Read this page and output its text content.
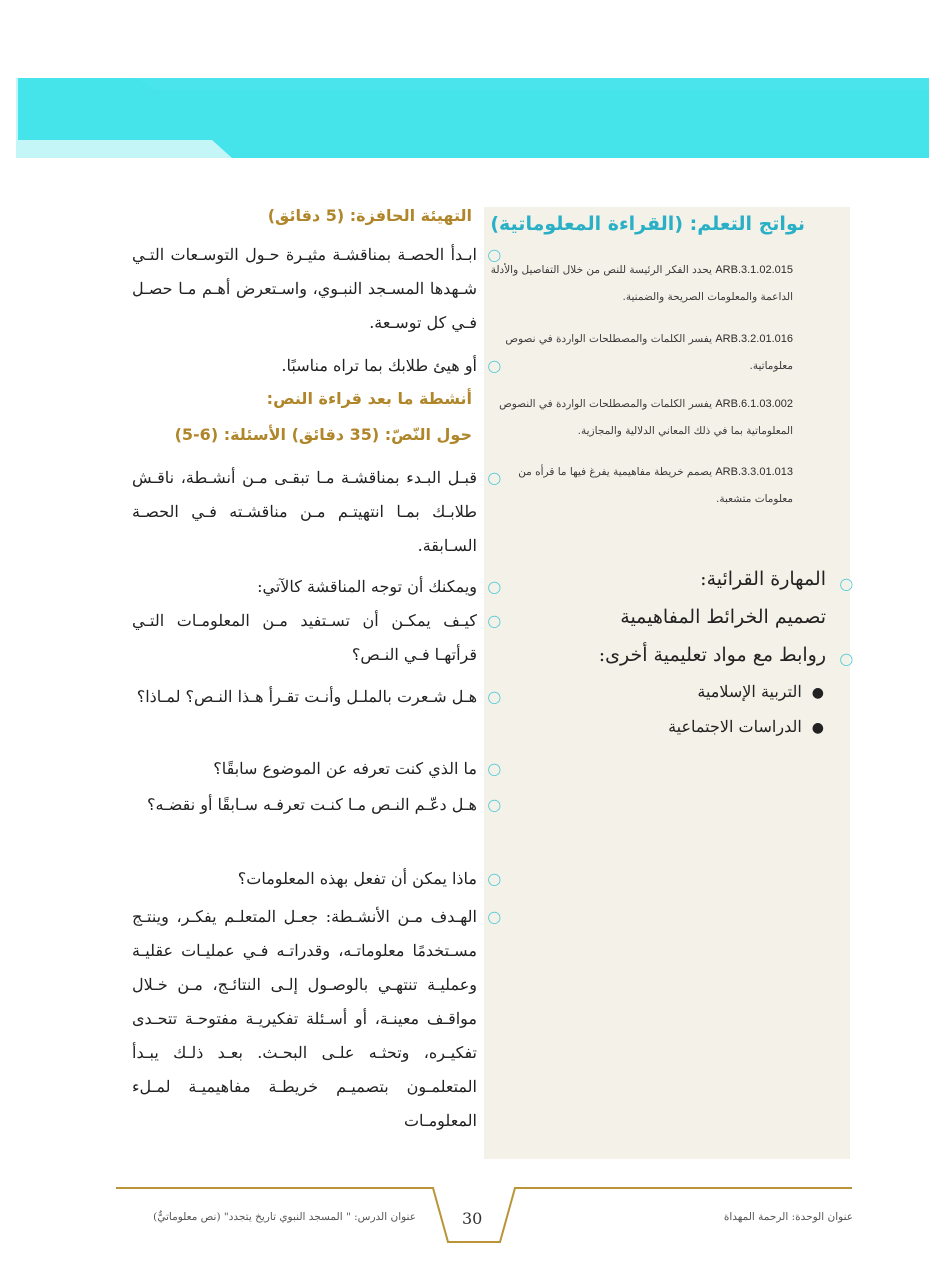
نواتج التعلم: (القراءة المعلوماتية)
ARB.3.1.02.015 يحدد الفكر الرئيسة للنص من خلال التفاصيل والأدلة الداعمة والمعلومات الصريحة والضمنية.
ARB.3.2.01.016 يفسر الكلمات والمصطلحات الواردة في نصوص معلوماتية.
ARB.6.1.03.002 يفسر الكلمات والمصطلحات الواردة في النصوص المعلوماتية بما في ذلك المعاني الدلالية والمجازية.
ARB.3.3.01.013 يصمم خريطة مفاهيمية يفرغ فيها ما قرأه من معلومات متشعبة.
◯
المهارة القرائية:
تصميم الخرائط المفاهيمية
◯
روابط مع مواد تعليمية أخرى:
●التربية الإسلامية
●الدراسات الاجتماعية
التهيئة الحافزة: (5 دقائق)
◯
ابـدأ الحصـة بمناقشـة مثيـرة حـول التوسـعات التـي شـهدها المسـجد النبـوي، واسـتعرض أهـم مـا حصـل فـي كل توسـعة.
◯
أو هيئ طلابك بما تراه مناسبًا.
أنشطة ما بعد قراءة النص:
حول النّصّ: (35 دقائق) الأسئلة: (6-5)
◯
قبـل البـدء بمناقشـة مـا تبقـى مـن أنشـطة، ناقـش طلابـك بمـا انتهيتـم مـن مناقشـته فـي الحصـة السـابقة.
◯
ويمكنك أن توجه المناقشة كالآتي:
◯
كيـف يمكـن أن تسـتفيد مـن المعلومـات التـي قرأتهـا فـي النـص؟
◯
هـل شـعرت بالملـل وأنـت تقـرأ هـذا النـص؟ لمـاذا؟
◯
ما الذي كنت تعرفه عن الموضوع سابقًا؟
◯
هـل دعّـم النـص مـا كنـت تعرفـه سـابقًا أو نقضـه؟
◯
ماذا يمكن أن تفعل بهذه المعلومات؟
◯
الهـدف مـن الأنشـطة: جعـل المتعلـم يفكـر، وينتـج مسـتخدمًا معلوماتـه، وقدراتـه فـي عمليـات عقليـة وعمليـة تنتهـي بالوصـول إلـى النتائـج، مـن خـلال مواقـف معينـة، أو أسـئلة تفكيريـة مفتوحـة تتحـدى تفكيـره، وتحثـه علـى البحـث. بعـد ذلـك يبـدأ المتعلمـون بتصميـم خريطـة مفاهيميـة لمـلء المعلومـات
عنوان الوحدة: الرحمة المهداة
30
عنوان الدرس: " المسجد النبوي تاريخ يتجدد" (نص معلوماتيٌّ)
